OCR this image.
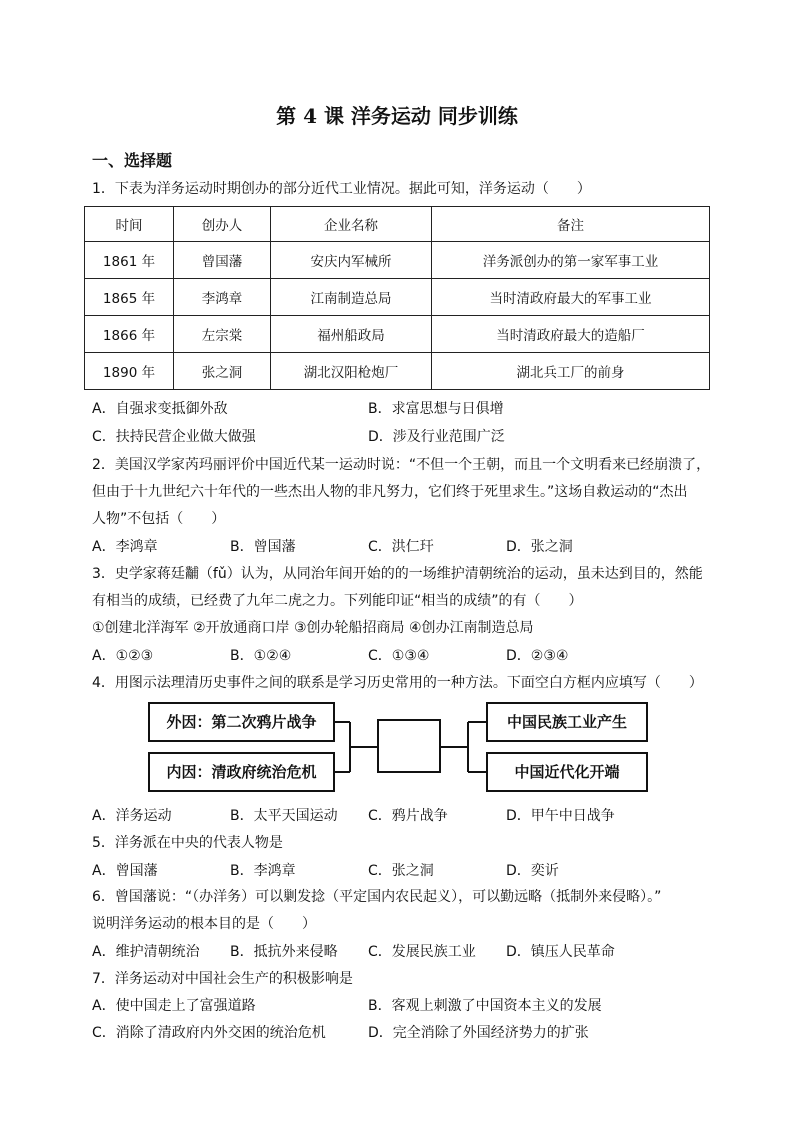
第 4 课 洋务运动 同步训练
一、选择题
1．下表为洋务运动时期创办的部分近代工业情况。据此可知，洋务运动（　　）
时间	创办人	企业名称	备注
1861 年	曾国藩	安庆内军械所	洋务派创办的第一家军事工业
1865 年	李鸿章	江南制造总局	当时清政府最大的军事工业
1866 年	左宗棠	福州船政局	当时清政府最大的造船厂
1890 年	张之洞	湖北汉阳枪炮厂	湖北兵工厂的前身
A．自强求变抵御外敌	B．求富思想与日俱增
C．扶持民营企业做大做强	D．涉及行业范围广泛
2．美国汉学家芮玛丽评价中国近代某一运动时说：“不但一个王朝，而且一个文明看来已经崩溃了，
但由于十九世纪六十年代的一些杰出人物的非凡努力，它们终于死里求生。”这场自救运动的“杰出
人物”不包括（　　）
A．李鸿章	B．曾国藩	C．洪仁玕	D．张之洞
3．史学家蒋廷黼（fǔ）认为，从同治年间开始的的一场维护清朝统治的运动，虽未达到目的，然能
有相当的成绩，已经费了九年二虎之力。下列能印证“相当的成绩”的有（　　）
①创建北洋海军 ②开放通商口岸 ③创办轮船招商局 ④创办江南制造总局
A．①②③	B．①②④	C．①③④	D．②③④
4．用图示法理清历史事件之间的联系是学习历史常用的一种方法。下面空白方框内应填写（　　）
外因：第二次鸦片战争
内因：清政府统治危机
中国民族工业产生
中国近代化开端
A．洋务运动	B．太平天国运动 C．鸦片战争	D．甲午中日战争
5．洋务派在中央的代表人物是
A．曾国藩	B．李鸿章	C．张之洞	D．奕䜣
6．曾国藩说：“（办洋务）可以剿发捻（平定国内农民起义），可以勤远略（抵制外来侵略）。”
说明洋务运动的根本目的是（　　）
A．维护清朝统治 B．抵抗外来侵略 C．发展民族工业 D．镇压人民革命
7．洋务运动对中国社会生产的积极影响是
A．使中国走上了富强道路	B．客观上刺激了中国资本主义的发展
C．消除了清政府内外交困的统治危机	D．完全消除了外国经济势力的扩张
